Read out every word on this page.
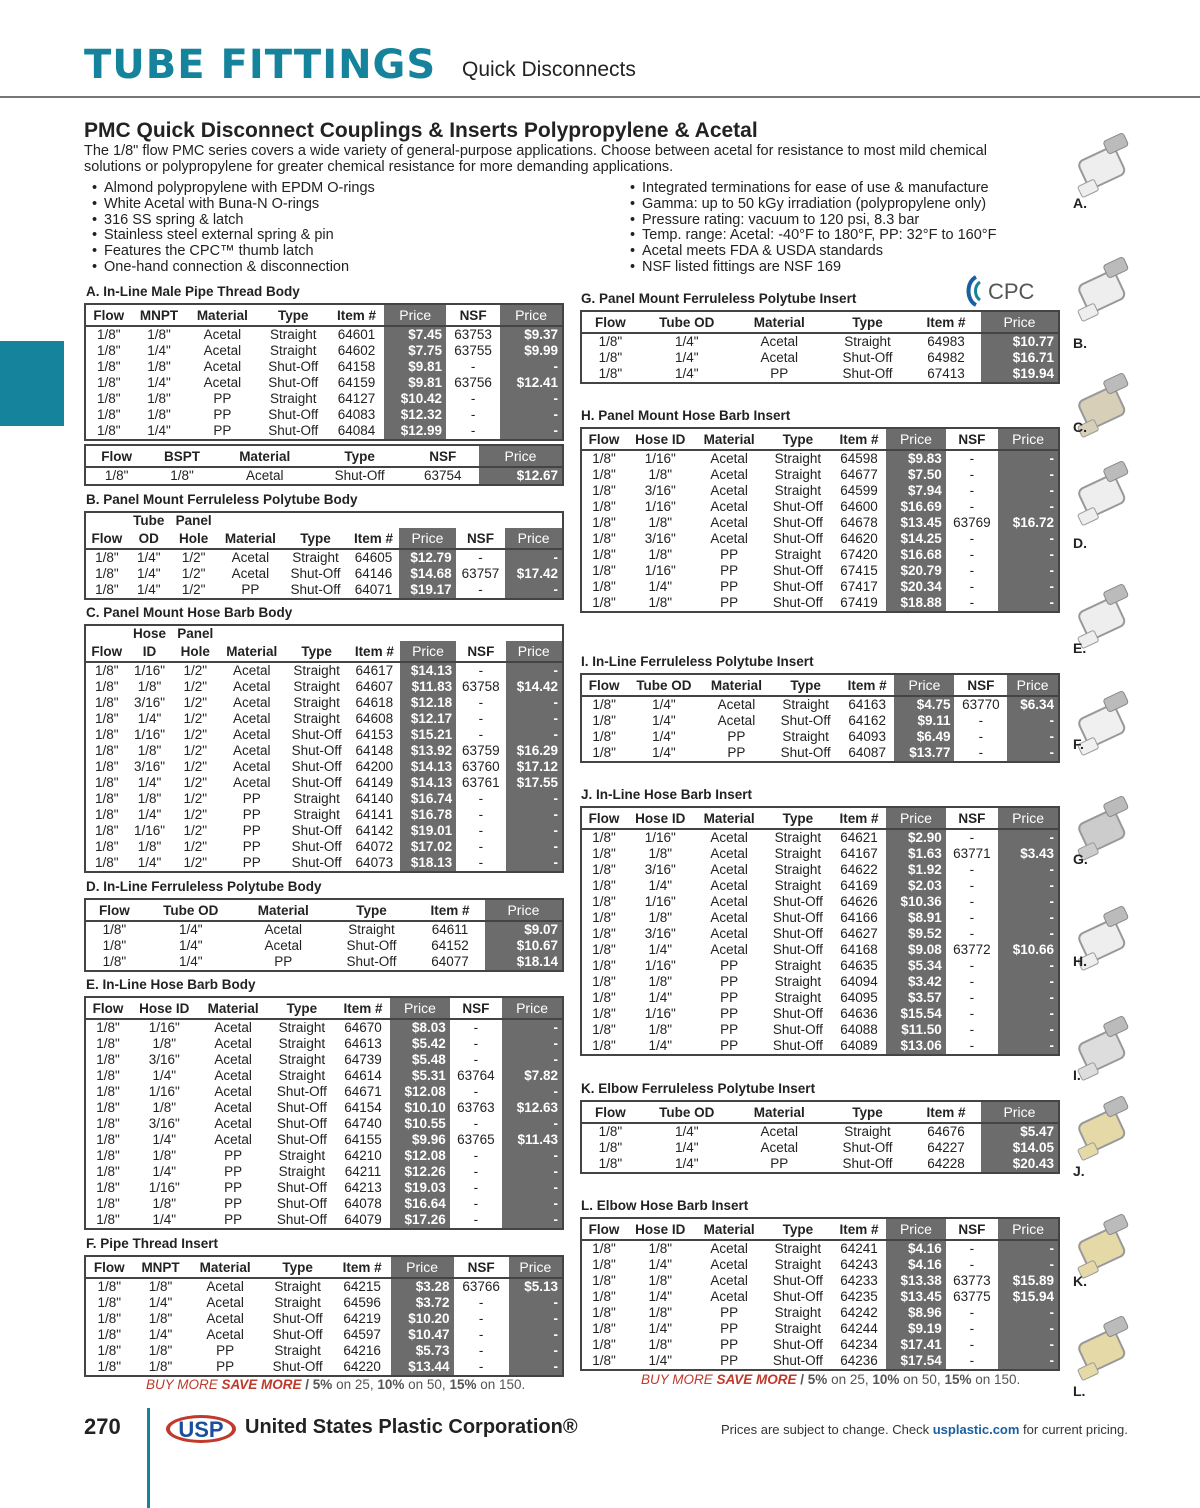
TUBE FITTINGS Quick Disconnects
PMC Quick Disconnect Couplings & Inserts Polypropylene & Acetal
The 1/8" flow PMC series covers a wide variety of general-purpose applications. Choose between acetal for resistance to most mild chemical solutions or polypropylene for greater chemical resistance for more demanding applications.
• Almond polypropylene with EPDM O-rings
• White Acetal with Buna-N O-rings
• 316 SS spring & latch
• Stainless steel external spring & pin
• Features the CPC™ thumb latch
• One-hand connection & disconnection
• Integrated terminations for ease of use & manufacture
• Gamma: up to 50 kGy irradiation (polypropylene only)
• Pressure rating: vacuum to 120 psi, 8.3 bar
• Temp. range: Acetal: -40°F to 180°F, PP: 32°F to 160°F
• Acetal meets FDA & USDA standards
• NSF listed fittings are NSF 169
CPC
A. In-Line Male Pipe Thread Body
B. Panel Mount Ferruleless Polytube Body
C. Panel Mount Hose Barb Body
D. In-Line Ferruleless Polytube Body
E. In-Line Hose Barb Body
F. Pipe Thread Insert
G. Panel Mount Ferruleless Polytube Insert
H. Panel Mount Hose Barb Insert
I. In-Line Ferruleless Polytube Insert
J. In-Line Hose Barb Insert
K. Elbow Ferruleless Polytube Insert
L. Elbow Hose Barb Insert
Flow	MNPT	Material	Type	Item #	Price	NSF	Price
1/8"	1/8"	Acetal	Straight	64601	$7.45	63753	$9.37
1/8"	1/4"	Acetal	Straight	64602	$7.75	63755	$9.99
1/8"	1/8"	Acetal	Shut-Off	64158	$9.81	-	-
1/8"	1/4"	Acetal	Shut-Off	64159	$9.81	63756	$12.41
1/8"	1/8"	PP	Straight	64127	$10.42	-	-
1/8"	1/8"	PP	Shut-Off	64083	$12.32	-	-
1/8"	1/4"	PP	Shut-Off	64084	$12.99	-	-
Flow	BSPT	Material	Type	NSF	Price
1/8"	1/8"	Acetal	Shut-Off	63754	$12.67
	Tube	Panel						
Flow	OD	Hole	Material	Type	Item #	Price	NSF	Price
1/8"	1/4"	1/2"	Acetal	Straight	64605	$12.79	-	-
1/8"	1/4"	1/2"	Acetal	Shut-Off	64146	$14.68	63757	$17.42
1/8"	1/4"	1/2"	PP	Shut-Off	64071	$19.17	-	-
	Hose	Panel						
Flow	ID	Hole	Material	Type	Item #	Price	NSF	Price
1/8"	1/16"	1/2"	Acetal	Straight	64617	$14.13	-	-
1/8"	1/8"	1/2"	Acetal	Straight	64607	$11.83	63758	$14.42
1/8"	3/16"	1/2"	Acetal	Straight	64618	$12.18	-	-
1/8"	1/4"	1/2"	Acetal	Straight	64608	$12.17	-	-
1/8"	1/16"	1/2"	Acetal	Shut-Off	64153	$15.21	-	-
1/8"	1/8"	1/2"	Acetal	Shut-Off	64148	$13.92	63759	$16.29
1/8"	3/16"	1/2"	Acetal	Shut-Off	64200	$14.13	63760	$17.12
1/8"	1/4"	1/2"	Acetal	Shut-Off	64149	$14.13	63761	$17.55
1/8"	1/8"	1/2"	PP	Straight	64140	$16.74	-	-
1/8"	1/4"	1/2"	PP	Straight	64141	$16.78	-	-
1/8"	1/16"	1/2"	PP	Shut-Off	64142	$19.01	-	-
1/8"	1/8"	1/2"	PP	Shut-Off	64072	$17.02	-	-
1/8"	1/4"	1/2"	PP	Shut-Off	64073	$18.13	-	-
Flow	Tube OD	Material	Type	Item #	Price
1/8"	1/4"	Acetal	Straight	64611	$9.07
1/8"	1/4"	Acetal	Shut-Off	64152	$10.67
1/8"	1/4"	PP	Shut-Off	64077	$18.14
Flow	Hose ID	Material	Type	Item #	Price	NSF	Price
1/8"	1/16"	Acetal	Straight	64670	$8.03	-	-
1/8"	1/8"	Acetal	Straight	64613	$5.42	-	-
1/8"	3/16"	Acetal	Straight	64739	$5.48	-	-
1/8"	1/4"	Acetal	Straight	64614	$5.31	63764	$7.82
1/8"	1/16"	Acetal	Shut-Off	64671	$12.08	-	-
1/8"	1/8"	Acetal	Shut-Off	64154	$10.10	63763	$12.63
1/8"	3/16"	Acetal	Shut-Off	64740	$10.55	-	-
1/8"	1/4"	Acetal	Shut-Off	64155	$9.96	63765	$11.43
1/8"	1/8"	PP	Straight	64210	$12.08	-	-
1/8"	1/4"	PP	Straight	64211	$12.26	-	-
1/8"	1/16"	PP	Shut-Off	64213	$19.03	-	-
1/8"	1/8"	PP	Shut-Off	64078	$16.64	-	-
1/8"	1/4"	PP	Shut-Off	64079	$17.26	-	-
Flow	MNPT	Material	Type	Item #	Price	NSF	Price
1/8"	1/8"	Acetal	Straight	64215	$3.28	63766	$5.13
1/8"	1/4"	Acetal	Straight	64596	$3.72	-	-
1/8"	1/8"	Acetal	Shut-Off	64219	$10.20	-	-
1/8"	1/4"	Acetal	Shut-Off	64597	$10.47	-	-
1/8"	1/8"	PP	Straight	64216	$5.73	-	-
1/8"	1/8"	PP	Shut-Off	64220	$13.44	-	-
Flow	Tube OD	Material	Type	Item #	Price
1/8"	1/4"	Acetal	Straight	64983	$10.77
1/8"	1/4"	Acetal	Shut-Off	64982	$16.71
1/8"	1/4"	PP	Shut-Off	67413	$19.94
Flow	Hose ID	Material	Type	Item #	Price	NSF	Price
1/8"	1/16"	Acetal	Straight	64598	$9.83	-	-
1/8"	1/8"	Acetal	Straight	64677	$7.50	-	-
1/8"	3/16"	Acetal	Straight	64599	$7.94	-	-
1/8"	1/16"	Acetal	Shut-Off	64600	$16.69	-	-
1/8"	1/8"	Acetal	Shut-Off	64678	$13.45	63769	$16.72
1/8"	3/16"	Acetal	Shut-Off	64620	$14.25	-	-
1/8"	1/8"	PP	Straight	67420	$16.68	-	-
1/8"	1/16"	PP	Shut-Off	67415	$20.79	-	-
1/8"	1/4"	PP	Shut-Off	67417	$20.34	-	-
1/8"	1/8"	PP	Shut-Off	67419	$18.88	-	-
Flow	Tube OD	Material	Type	Item #	Price	NSF	Price
1/8"	1/4"	Acetal	Straight	64163	$4.75	63770	$6.34
1/8"	1/4"	Acetal	Shut-Off	64162	$9.11	-	-
1/8"	1/4"	PP	Straight	64093	$6.49	-	-
1/8"	1/4"	PP	Shut-Off	64087	$13.77	-	-
Flow	Hose ID	Material	Type	Item #	Price	NSF	Price
1/8"	1/16"	Acetal	Straight	64621	$2.90	-	-
1/8"	1/8"	Acetal	Straight	64167	$1.63	63771	$3.43
1/8"	3/16"	Acetal	Straight	64622	$1.92	-	-
1/8"	1/4"	Acetal	Straight	64169	$2.03	-	-
1/8"	1/16"	Acetal	Shut-Off	64626	$10.36	-	-
1/8"	1/8"	Acetal	Shut-Off	64166	$8.91	-	-
1/8"	3/16"	Acetal	Shut-Off	64627	$9.52	-	-
1/8"	1/4"	Acetal	Shut-Off	64168	$9.08	63772	$10.66
1/8"	1/16"	PP	Straight	64635	$5.34	-	-
1/8"	1/8"	PP	Straight	64094	$3.42	-	-
1/8"	1/4"	PP	Straight	64095	$3.57	-	-
1/8"	1/16"	PP	Shut-Off	64636	$15.54	-	-
1/8"	1/8"	PP	Shut-Off	64088	$11.50	-	-
1/8"	1/4"	PP	Shut-Off	64089	$13.06	-	-
Flow	Tube OD	Material	Type	Item #	Price
1/8"	1/4"	Acetal	Straight	64676	$5.47
1/8"	1/4"	Acetal	Shut-Off	64227	$14.05
1/8"	1/4"	PP	Shut-Off	64228	$20.43
Flow	Hose ID	Material	Type	Item #	Price	NSF	Price
1/8"	1/8"	Acetal	Straight	64241	$4.16	-	-
1/8"	1/4"	Acetal	Straight	64243	$4.16	-	-
1/8"	1/8"	Acetal	Shut-Off	64233	$13.38	63773	$15.89
1/8"	1/4"	Acetal	Shut-Off	64235	$13.45	63775	$15.94
1/8"	1/8"	PP	Straight	64242	$8.96	-	-
1/8"	1/4"	PP	Straight	64244	$9.19	-	-
1/8"	1/8"	PP	Shut-Off	64234	$17.41	-	-
1/8"	1/4"	PP	Shut-Off	64236	$17.54	-	-
BUY MORE SAVE MORE / 5% on 25, 10% on 50, 15% on 150.	BUY MORE SAVE MORE / 5% on 25, 10% on 50, 15% on 150.
A.
B.
C.
D.
E.
F.
G.
H.
I.
J.
K.
L.
270	USP United States Plastic Corporation®	Prices are subject to change. Check usplastic.com for current pricing.
